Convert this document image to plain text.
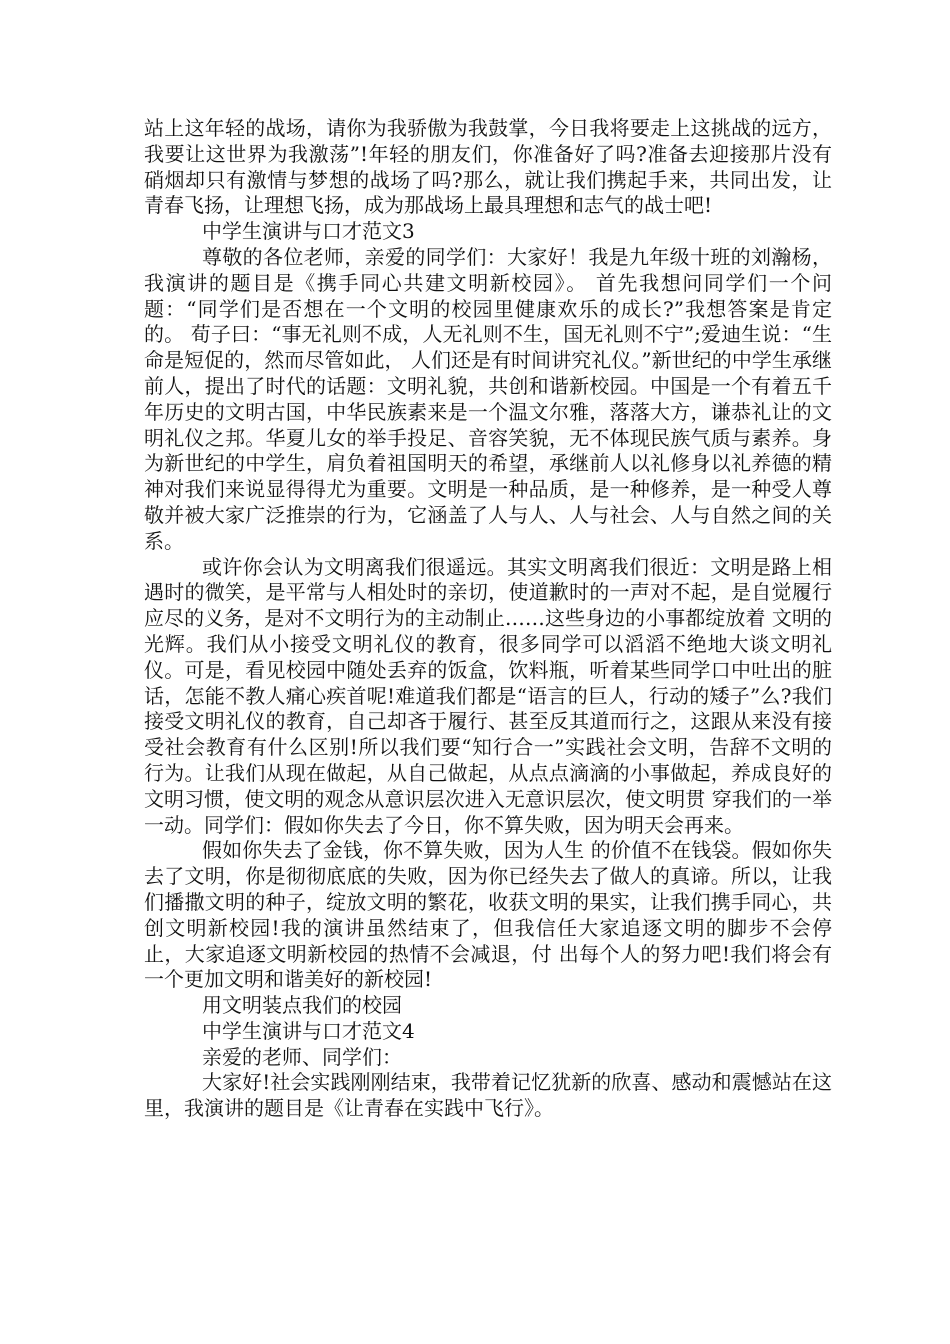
站上这年轻的战场，请你为我骄傲为我鼓掌，今日我将要走上这挑战的远方，我要让这世界为我激荡”!年轻的朋友们，你准备好了吗?准备去迎接那片没有硝烟却只有激情与梦想的战场了吗?那么，就让我们携起手来，共同出发，让青春飞扬，让理想飞扬，成为那战场上最具理想和志气的战士吧!

中学生演讲与口才范文3

尊敬的各位老师，亲爱的同学们：大家好！我是九年级十班的刘瀚杨，我演讲的题目是《携手同心共建文明新校园》。 首先我想问同学们一个问题：“同学们是否想在一个文明的校园里健康欢乐的成长?”我想答案是肯定的。 荀子曰：“事无礼则不成，人无礼则不生，国无礼则不宁”;爱迪生说：“生命是短促的，然而尽管如此， 人们还是有时间讲究礼仪。”新世纪的中学生承继前人，提出了时代的话题：文明礼貌，共创和谐新校园。中国是一个有着五千年历史的文明古国，中华民族素来是一个温文尔雅，落落大方，谦恭礼让的文明礼仪之邦。华夏儿女的举手投足、音容笑貌，无不体现民族气质与素养。身为新世纪的中学生，肩负着祖国明天的希望，承继前人以礼修身以礼养德的精神对我们来说显得得尤为重要。文明是一种品质，是一种修养，是一种受人尊敬并被大家广泛推崇的行为，它涵盖了人与人、人与社会、人与自然之间的关系。

或许你会认为文明离我们很遥远。其实文明离我们很近：文明是路上相遇时的微笑，是平常与人相处时的亲切，使道歉时的一声对不起，是自觉履行应尽的义务，是对不文明行为的主动制止……这些身边的小事都绽放着 文明的光辉。我们从小接受文明礼仪的教育，很多同学可以滔滔不绝地大谈文明礼仪。可是，看见校园中随处丢弃的饭盒，饮料瓶，听着某些同学口中吐出的脏话，怎能不教人痛心疾首呢!难道我们都是“语言的巨人，行动的矮子”么?我们接受文明礼仪的教育，自己却吝于履行、甚至反其道而行之，这跟从来没有接受社会教育有什么区别!所以我们要“知行合一”实践社会文明，告辞不文明的行为。让我们从现在做起，从自己做起，从点点滴滴的小事做起，养成良好的文明习惯，使文明的观念从意识层次进入无意识层次，使文明贯 穿我们的一举一动。同学们：假如你失去了今日，你不算失败，因为明天会再来。

假如你失去了金钱，你不算失败，因为人生 的价值不在钱袋。假如你失去了文明，你是彻彻底底的失败，因为你已经失去了做人的真谛。所以，让我们播撒文明的种子，绽放文明的繁花，收获文明的果实，让我们携手同心，共创文明新校园!我的演讲虽然结束了，但我信任大家追逐文明的脚步不会停止，大家追逐文明新校园的热情不会减退，付 出每个人的努力吧!我们将会有一个更加文明和谐美好的新校园!

用文明装点我们的校园

中学生演讲与口才范文4

亲爱的老师、同学们：

大家好!社会实践刚刚结束，我带着记忆犹新的欣喜、感动和震憾站在这里，我演讲的题目是《让青春在实践中飞行》。
